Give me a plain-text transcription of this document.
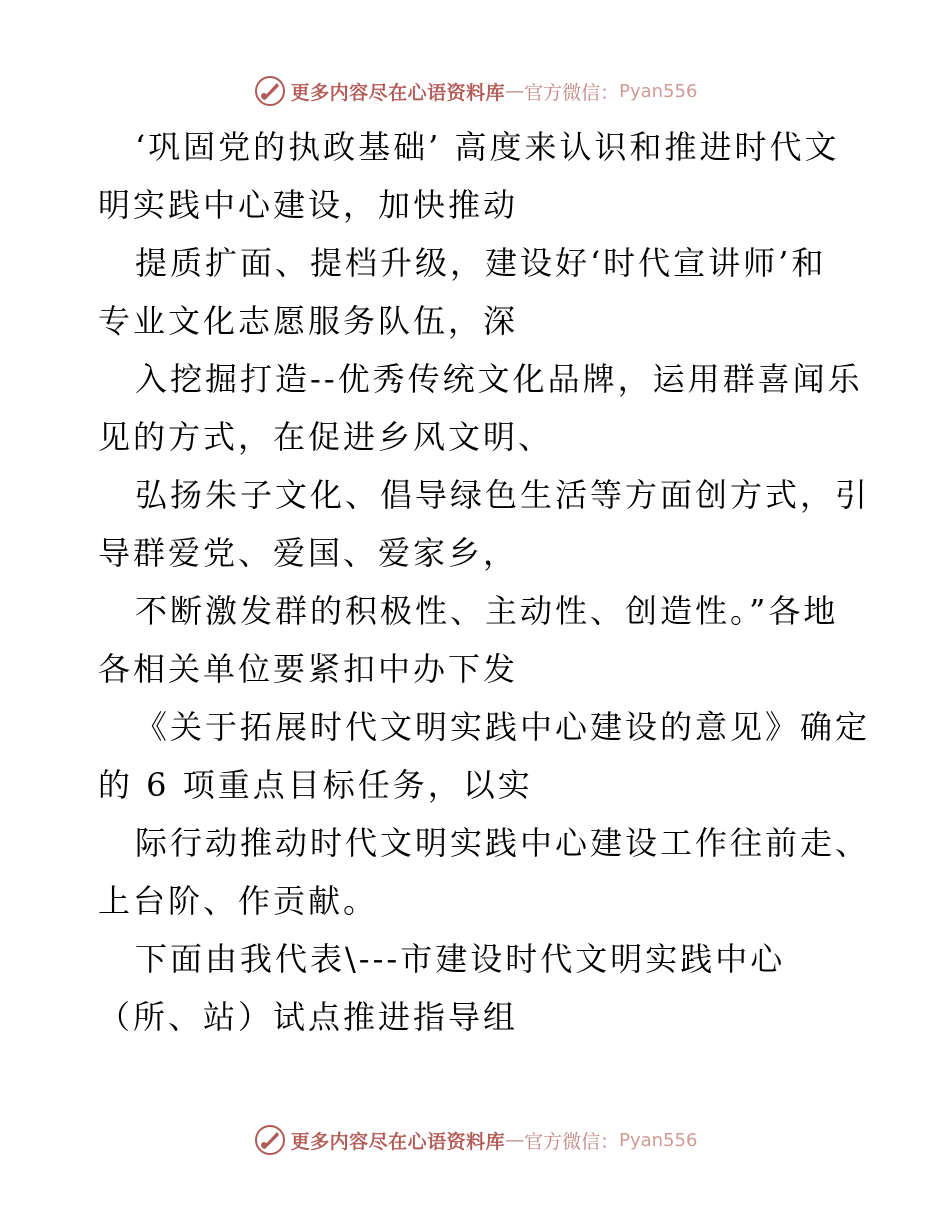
更多内容尽在心语资料库 — 官方微信： Pyan556
‘巩固党的执政基础’ 高度来认识和推进时代文
明实践中心建设，加快推动
提质扩面、提档升级，建设好‘时代宣讲师’和
专业文化志愿服务队伍，深
入挖掘打造--优秀传统文化品牌，运用群喜闻乐
见的方式，在促进乡风文明、
弘扬朱子文化、倡导绿色生活等方面创方式，引
导群爱党、爱国、爱家乡，
不断激发群的积极性、主动性、创造性。”各地
各相关单位要紧扣中办下发
《关于拓展时代文明实践中心建设的意见》确定
的 6 项重点目标任务，以实
际行动推动时代文明实践中心建设工作往前走、
上台阶、作贡献。
下面由我代表\---市建设时代文明实践中心
（所、站）试点推进指导组
更多内容尽在心语资料库 — 官方微信： Pyan556
